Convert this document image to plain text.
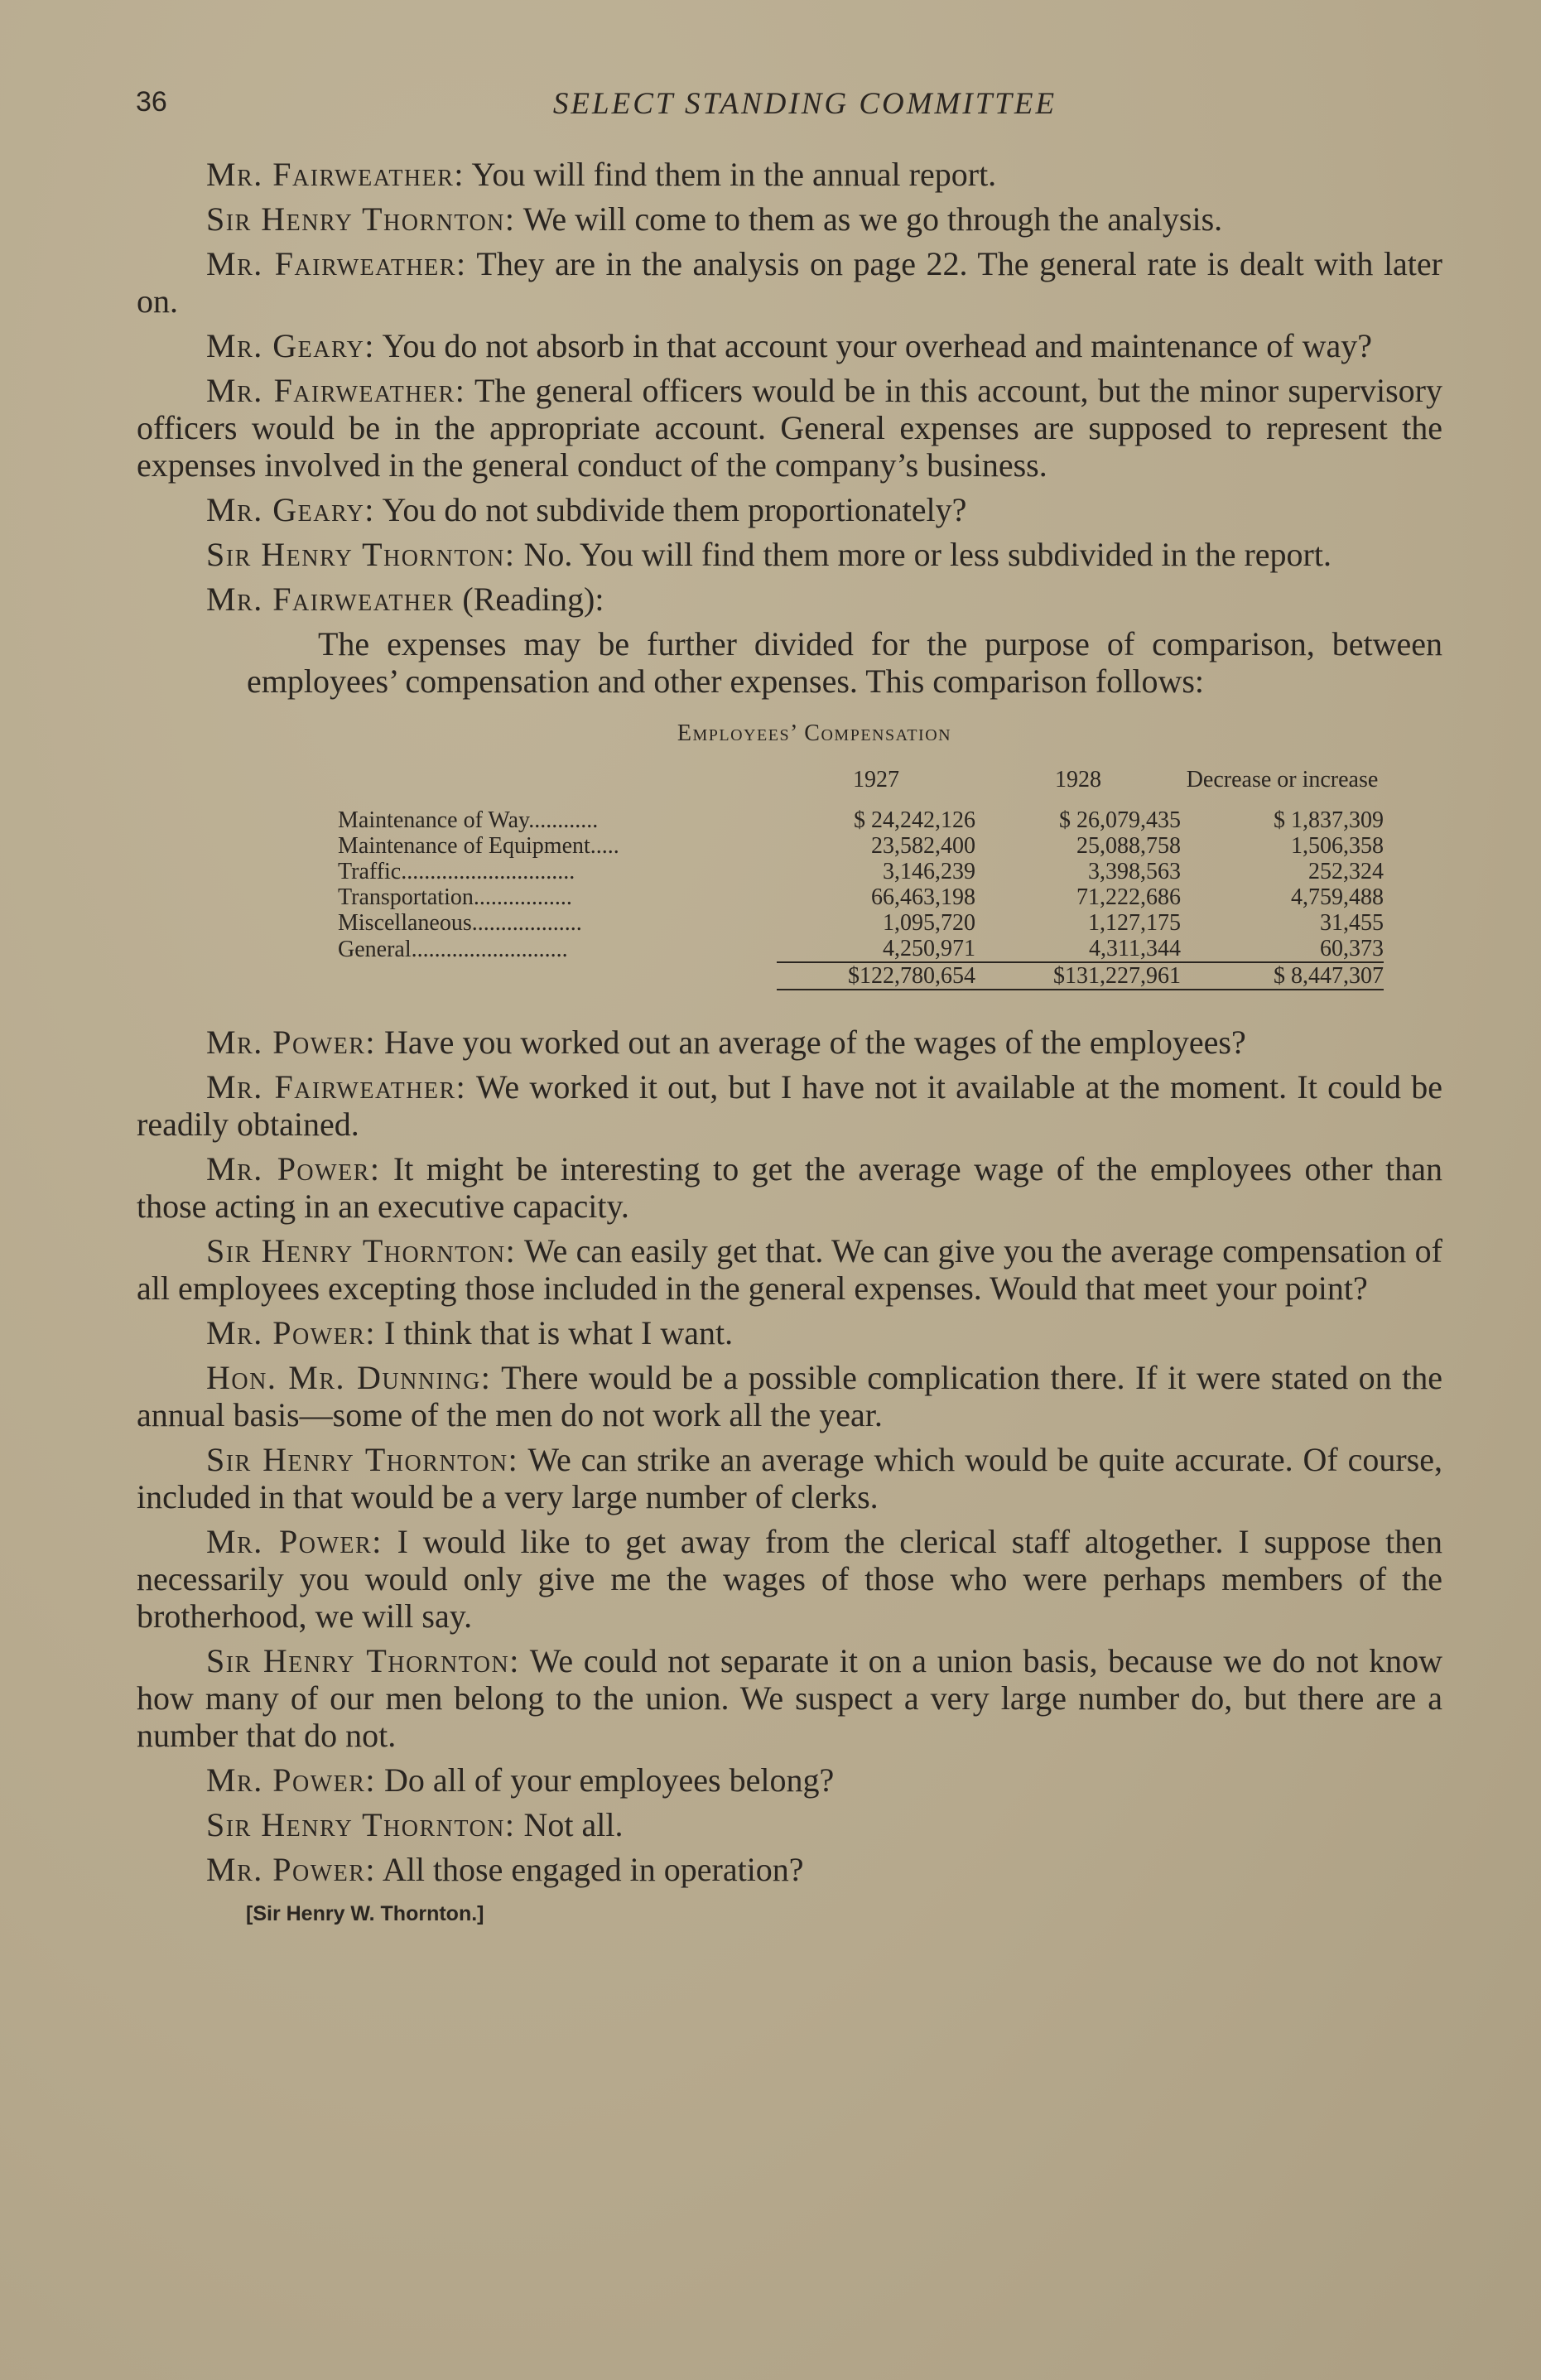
36	SELECT STANDING COMMITTEE

Mr. Fairweather: You will find them in the annual report.

Sir Henry Thornton: We will come to them as we go through the analysis.

Mr. Fairweather: They are in the analysis on page 22. The general rate is dealt with later on.

Mr. Geary: You do not absorb in that account your overhead and maintenance of way?

Mr. Fairweather: The general officers would be in this account, but the minor supervisory officers would be in the appropriate account. General expenses are supposed to represent the expenses involved in the general conduct of the company’s business.

Mr. Geary: You do not subdivide them proportionately?

Sir Henry Thornton: No. You will find them more or less subdivided in the report.

Mr. Fairweather (Reading):

The expenses may be further divided for the purpose of comparison, between employees’ compensation and other expenses. This comparison follows:

Employees’ Compensation
	1927	1928	Decrease or increase
Maintenance of Way............	$ 24,242,126	$ 26,079,435	$ 1,837,309
Maintenance of Equipment.....	23,582,400	25,088,758	1,506,358
Traffic..............................	3,146,239	3,398,563	252,324
Transportation.................	66,463,198	71,222,686	4,759,488
Miscellaneous...................	1,095,720	1,127,175	31,455
General...........................	4,250,971	4,311,344	60,373
	$122,780,654	$131,227,961	$ 8,447,307

Mr. Power: Have you worked out an average of the wages of the employees?

Mr. Fairweather: We worked it out, but I have not it available at the moment. It could be readily obtained.

Mr. Power: It might be interesting to get the average wage of the employees other than those acting in an executive capacity.

Sir Henry Thornton: We can easily get that. We can give you the average compensation of all employees excepting those included in the general expenses. Would that meet your point?

Mr. Power: I think that is what I want.

Hon. Mr. Dunning: There would be a possible complication there. If it were stated on the annual basis—some of the men do not work all the year.

Sir Henry Thornton: We can strike an average which would be quite accurate. Of course, included in that would be a very large number of clerks.

Mr. Power: I would like to get away from the clerical staff altogether. I suppose then necessarily you would only give me the wages of those who were perhaps members of the brotherhood, we will say.

Sir Henry Thornton: We could not separate it on a union basis, because we do not know how many of our men belong to the union. We suspect a very large number do, but there are a number that do not.

Mr. Power: Do all of your employees belong?

Sir Henry Thornton: Not all.

Mr. Power: All those engaged in operation?

[Sir Henry W. Thornton.]
